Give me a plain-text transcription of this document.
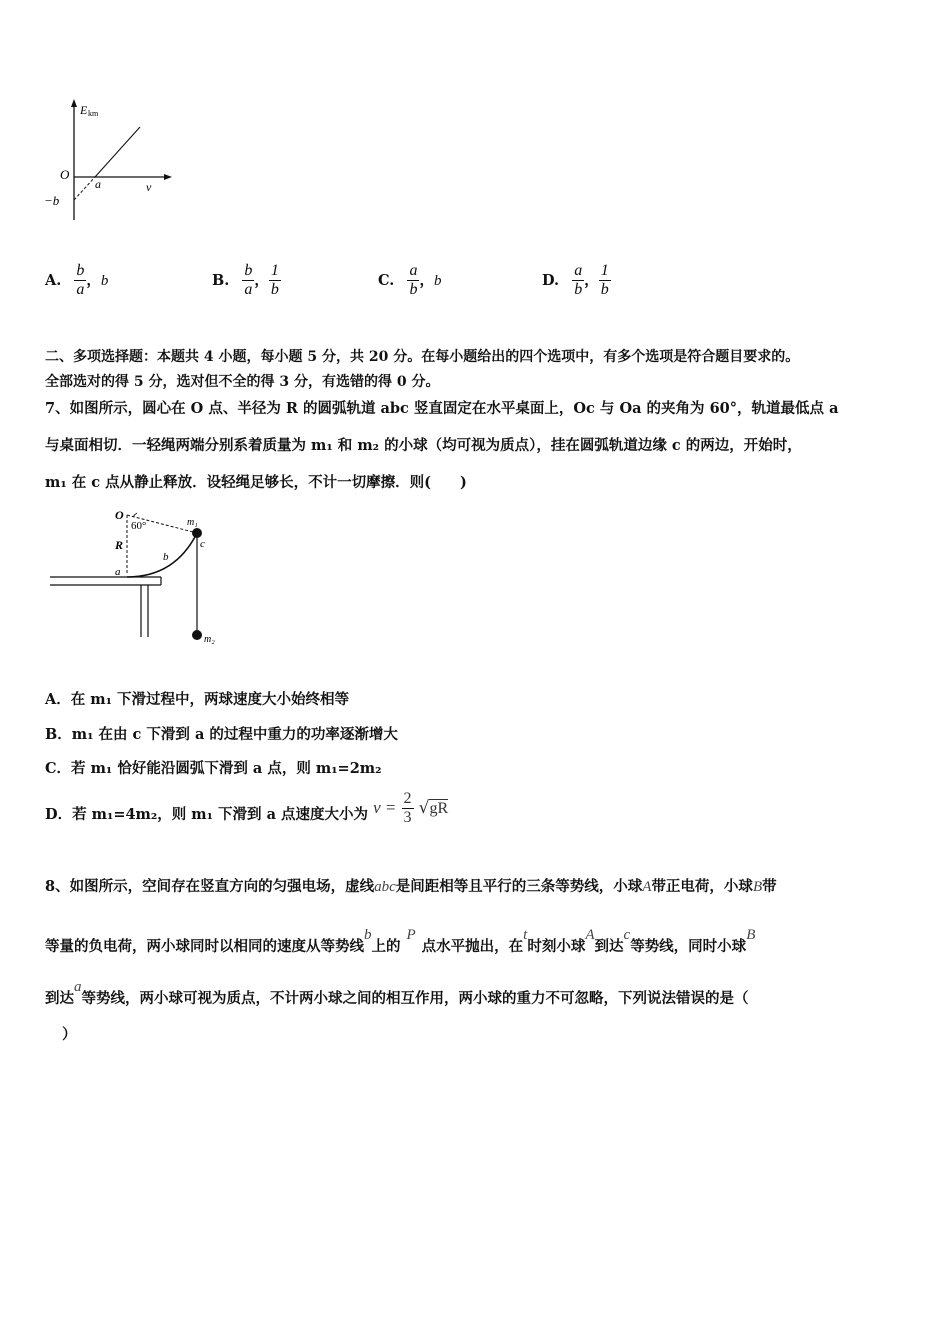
E km
v
O
a
−b
A. $\frac{b}{a}$ ，b	B. $\frac{b}{a}$ ， $\frac{1}{b}$	C. $\frac{a}{b}$ ，b	D. $\frac{a}{b}$ ， $\frac{1}{b}$
二、多项选择题：本题共 4 小题，每小题 5 分，共 20 分。在每小题给出的四个选项中，有多个选项是符合题目要求的。
全部选对的得 5 分，选对但不全的得 3 分，有选错的得 0 分。
7、如图所示，圆心在 O 点、半径为 R 的圆弧轨道 abc 竖直固定在水平桌面上，Oc 与 Oa 的夹角为 60°，轨道最低点 a
与桌面相切．一轻绳两端分别系着质量为 m₁ 和 m₂ 的小球（均可视为质点），挂在圆弧轨道边缘 c 的两边，开始时，
m₁ 在 c 点从静止释放．设轻绳足够长，不计一切摩擦．则(　　)
O
60°
R
a
b
c
m₁
m₂
A．在 m₁ 下滑过程中，两球速度大小始终相等
B．m₁ 在由 c 下滑到 a 的过程中重力的功率逐渐增大
C．若 m₁ 恰好能沿圆弧下滑到 a 点，则 m₁=2m₂
D．若 m₁=4m₂，则 m₁ 下滑到 a 点速度大小为 $v = \frac{2}{3} √gR$
8、如图所示，空间存在竖直方向的匀强电场，虚线abc是间距相等且平行的三条等势线，小球A带正电荷，小球B带
等量的负电荷，两小球同时以相同的速度从等势线b上的P点水平抛出，在t时刻小球A到达c等势线，同时小球B
到达a等势线，两小球可视为质点，不计两小球之间的相互作用，两小球的重力不可忽略，下列说法错误的是（
）
